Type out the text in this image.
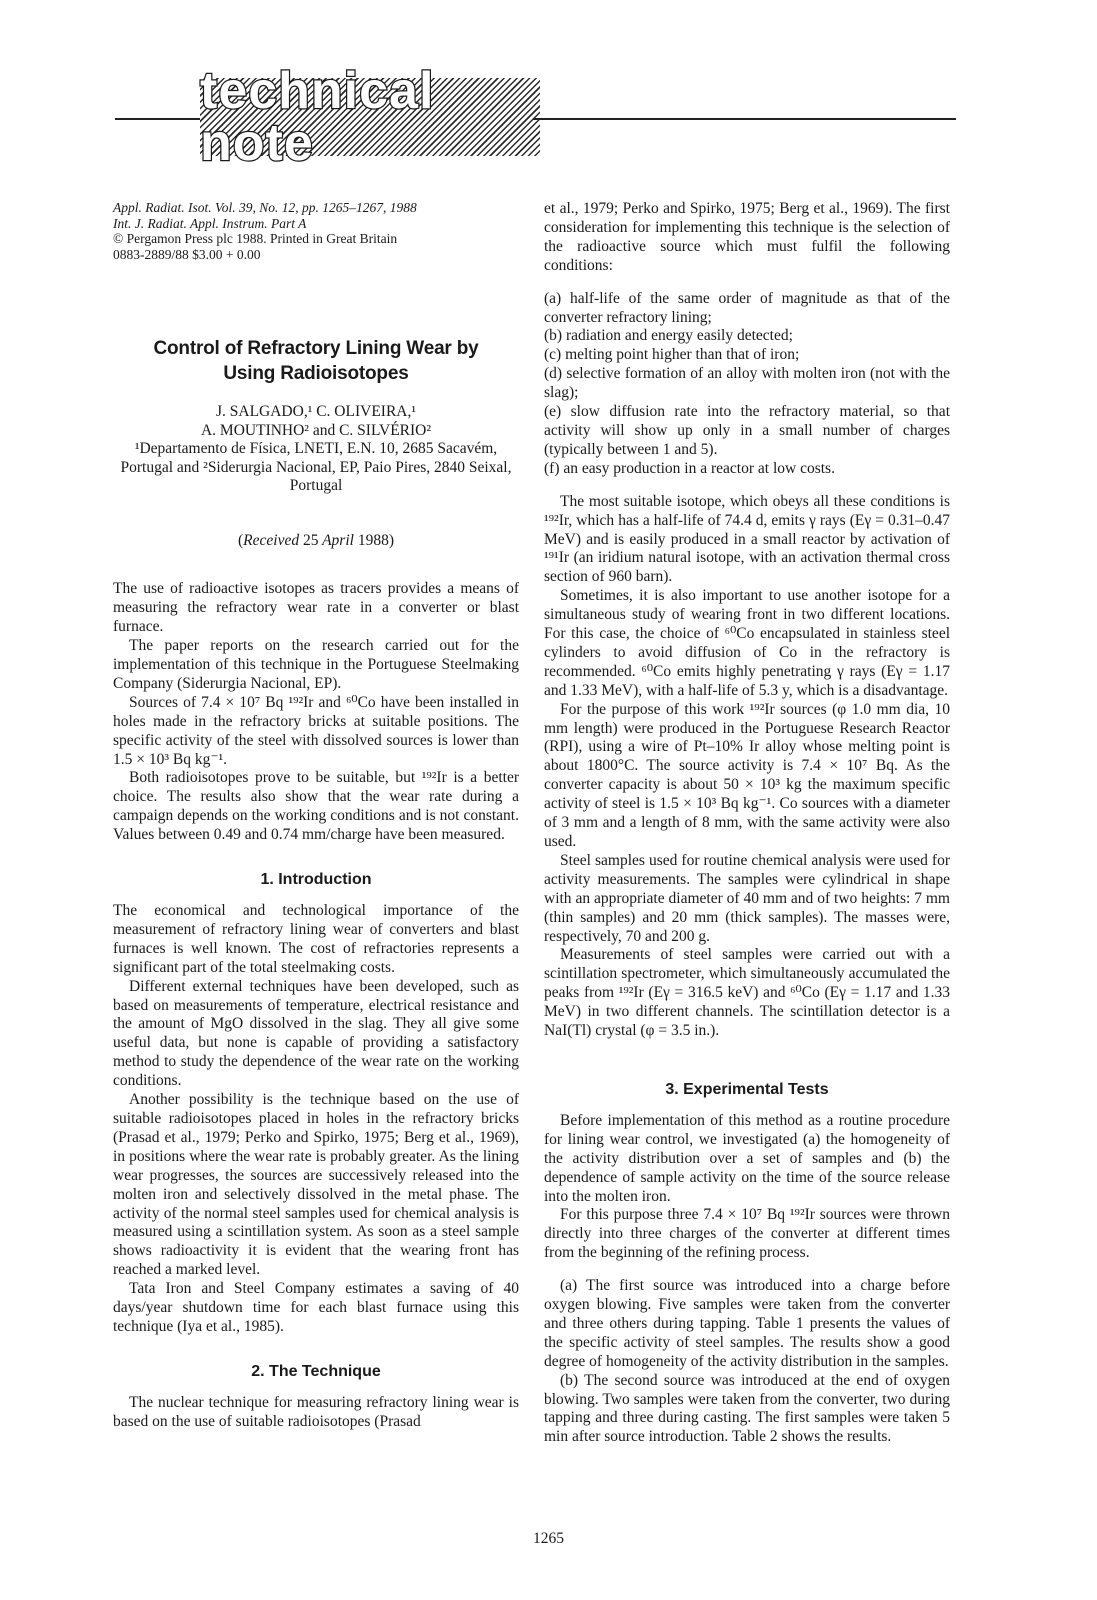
technical note
Appl. Radiat. Isot. Vol. 39, No. 12, pp. 1265–1267, 1988
Int. J. Radiat. Appl. Instrum. Part A
© Pergamon Press plc 1988. Printed in Great Britain
0883-2889/88 $3.00 + 0.00
Control of Refractory Lining Wear by Using Radioisotopes
J. SALGADO,¹ C. OLIVEIRA,¹
A. MOUTINHO² and C. SILVÉRIO²

¹Departamento de Física, LNETI, E.N. 10, 2685 Sacavém, Portugal and ²Siderurgia Nacional, EP, Paio Pires, 2840 Seixal, Portugal

(Received 25 April 1988)

The use of radioactive isotopes as tracers provides a means of measuring the refractory wear rate in a converter or blast furnace.

The paper reports on the research carried out for the implementation of this technique in the Portuguese Steelmaking Company (Siderurgia Nacional, EP).

Sources of 7.4 × 10⁷ Bq ¹⁹²Ir and ⁶⁰Co have been installed in holes made in the refractory bricks at suitable positions. The specific activity of the steel with dissolved sources is lower than 1.5 × 10³ Bq kg⁻¹.

Both radioisotopes prove to be suitable, but ¹⁹²Ir is a better choice. The results also show that the wear rate during a campaign depends on the working conditions and is not constant. Values between 0.49 and 0.74 mm/charge have been measured.

1. Introduction

The economical and technological importance of the measurement of refractory lining wear of converters and blast furnaces is well known. The cost of refractories represents a significant part of the total steelmaking costs.

Different external techniques have been developed, such as based on measurements of temperature, electrical resistance and the amount of MgO dissolved in the slag. They all give some useful data, but none is capable of providing a satisfactory method to study the dependence of the wear rate on the working conditions.

Another possibility is the technique based on the use of suitable radioisotopes placed in holes in the refractory bricks (Prasad et al., 1979; Perko and Spirko, 1975; Berg et al., 1969), in positions where the wear rate is probably greater. As the lining wear progresses, the sources are successively released into the molten iron and selectively dissolved in the metal phase. The activity of the normal steel samples used for chemical analysis is measured using a scintillation system. As soon as a steel sample shows radioactivity it is evident that the wearing front has reached a marked level.

Tata Iron and Steel Company estimates a saving of 40 days/year shutdown time for each blast furnace using this technique (Iya et al., 1985).

2. The Technique

The nuclear technique for measuring refractory lining wear is based on the use of suitable radioisotopes (Prasad

et al., 1979; Perko and Spirko, 1975; Berg et al., 1969). The first consideration for implementing this technique is the selection of the radioactive source which must fulfil the following conditions:

(a) half-life of the same order of magnitude as that of the converter refractory lining;

(b) radiation and energy easily detected;

(c) melting point higher than that of iron;

(d) selective formation of an alloy with molten iron (not with the slag);

(e) slow diffusion rate into the refractory material, so that activity will show up only in a small number of charges (typically between 1 and 5).

(f) an easy production in a reactor at low costs.

The most suitable isotope, which obeys all these conditions is ¹⁹²Ir, which has a half-life of 74.4 d, emits γ rays (Eγ = 0.31–0.47 MeV) and is easily produced in a small reactor by activation of ¹⁹¹Ir (an iridium natural isotope, with an activation thermal cross section of 960 barn).

Sometimes, it is also important to use another isotope for a simultaneous study of wearing front in two different locations. For this case, the choice of ⁶⁰Co encapsulated in stainless steel cylinders to avoid diffusion of Co in the refractory is recommended. ⁶⁰Co emits highly penetrating γ rays (Eγ = 1.17 and 1.33 MeV), with a half-life of 5.3 y, which is a disadvantage.

For the purpose of this work ¹⁹²Ir sources (φ 1.0 mm dia, 10 mm length) were produced in the Portuguese Research Reactor (RPI), using a wire of Pt–10% Ir alloy whose melting point is about 1800°C. The source activity is 7.4 × 10⁷ Bq. As the converter capacity is about 50 × 10³ kg the maximum specific activity of steel is 1.5 × 10³ Bq kg⁻¹. Co sources with a diameter of 3 mm and a length of 8 mm, with the same activity were also used.

Steel samples used for routine chemical analysis were used for activity measurements. The samples were cylindrical in shape with an appropriate diameter of 40 mm and of two heights: 7 mm (thin samples) and 20 mm (thick samples). The masses were, respectively, 70 and 200 g.

Measurements of steel samples were carried out with a scintillation spectrometer, which simultaneously accumulated the peaks from ¹⁹²Ir (Eγ = 316.5 keV) and ⁶⁰Co (Eγ = 1.17 and 1.33 MeV) in two different channels. The scintillation detector is a NaI(Tl) crystal (φ = 3.5 in.).

3. Experimental Tests

Before implementation of this method as a routine procedure for lining wear control, we investigated (a) the homogeneity of the activity distribution over a set of samples and (b) the dependence of sample activity on the time of the source release into the molten iron.

For this purpose three 7.4 × 10⁷ Bq ¹⁹²Ir sources were thrown directly into three charges of the converter at different times from the beginning of the refining process.

(a) The first source was introduced into a charge before oxygen blowing. Five samples were taken from the converter and three others during tapping. Table 1 presents the values of the specific activity of steel samples. The results show a good degree of homogeneity of the activity distribution in the samples.

(b) The second source was introduced at the end of oxygen blowing. Two samples were taken from the converter, two during tapping and three during casting. The first samples were taken 5 min after source introduction. Table 2 shows the results.

1265
